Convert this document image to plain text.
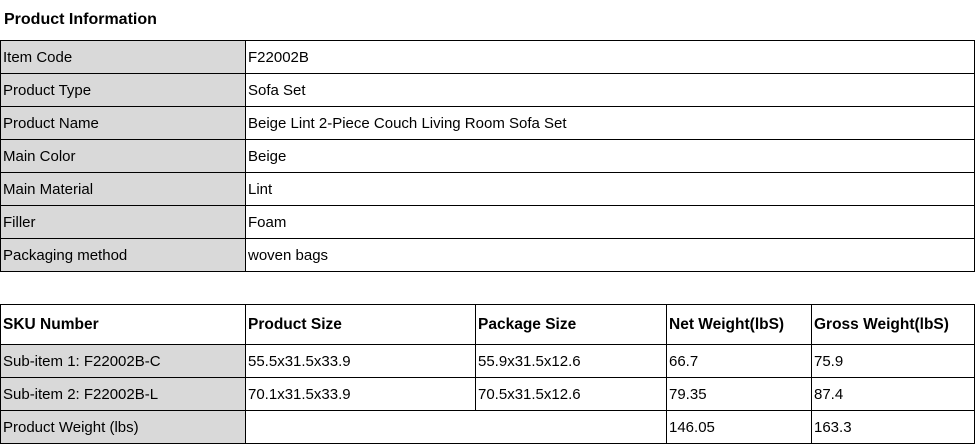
Product Information
Item Code	F22002B
Product Type	Sofa Set
Product Name	Beige Lint 2-Piece Couch Living Room Sofa Set
Main Color	Beige
Main Material	Lint
Filler	Foam
Packaging method	woven bags
SKU Number	Product Size	Package Size	Net Weight(lbS)	Gross Weight(lbS)
Sub-item 1: F22002B-C	55.5x31.5x33.9	55.9x31.5x12.6	66.7	75.9
Sub-item 2: F22002B-L	70.1x31.5x33.9	70.5x31.5x12.6	79.35	87.4
Product Weight (lbs)			146.05	163.3
